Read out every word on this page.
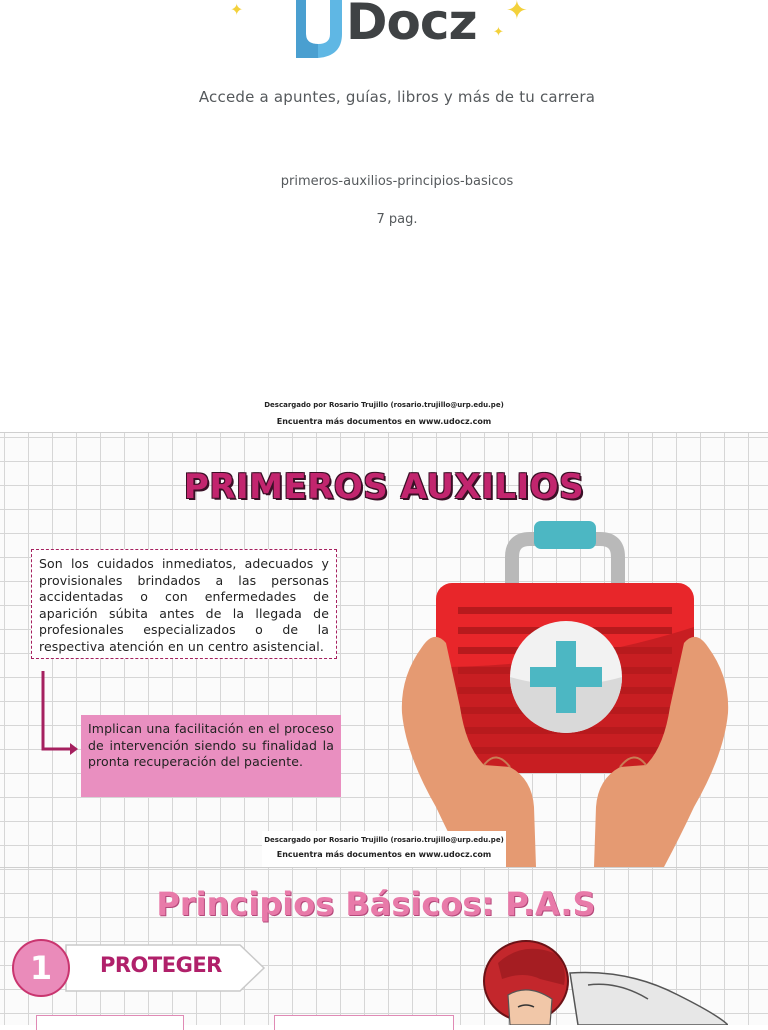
Docz
✦	✦
✦
Accede a apuntes, guías, libros y más de tu carrera
primeros-auxilios-principios-basicos
7 pag.
Descargado por Rosario Trujillo (rosario.trujillo@urp.edu.pe)
Encuentra más documentos en www.udocz.com
PRIMEROS AUXILIOS

Son los cuidados inmediatos, adecuados y provisionales brindados a las personas accidentadas o con enfermedades de aparición súbita antes de la llegada de profesionales especializados o de la respectiva atención en un centro asistencial.

Implican una facilitación en el proceso de intervención siendo su finalidad la pronta recuperación del paciente.

Descargado por Rosario Trujillo (rosario.trujillo@urp.edu.pe)
Encuentra más documentos en www.udocz.com
Principios Básicos: P.A.S
1	PROTEGER
